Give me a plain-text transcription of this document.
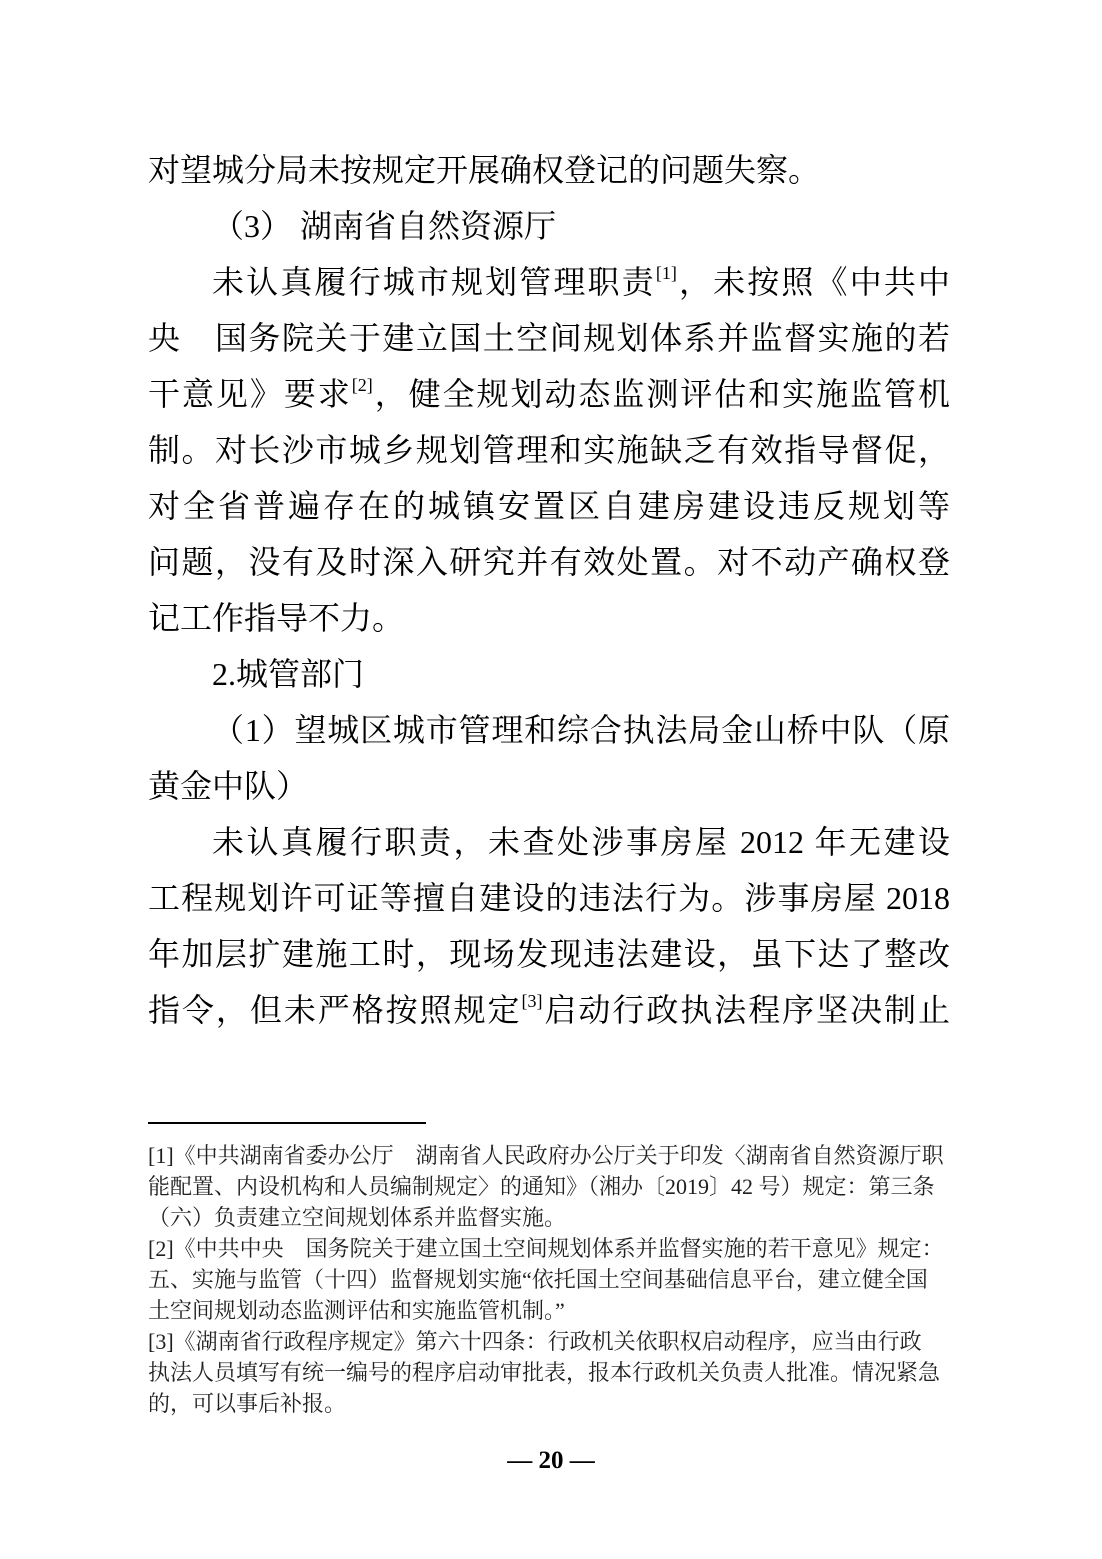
对望城分局未按规定开展确权登记的问题失察。
（3） 湖南省自然资源厅
未认真履行城市规划管理职责[1]，未按照《中共中
央　国务院关于建立国土空间规划体系并监督实施的若
干意见》要求[2]，健全规划动态监测评估和实施监管机
制。对长沙市城乡规划管理和实施缺乏有效指导督促，
对全省普遍存在的城镇安置区自建房建设违反规划等
问题，没有及时深入研究并有效处置。对不动产确权登
记工作指导不力。
2.城管部门
（1）望城区城市管理和综合执法局金山桥中队（原
黄金中队）
未认真履行职责，未查处涉事房屋 2012 年无建设
工程规划许可证等擅自建设的违法行为。涉事房屋 2018
年加层扩建施工时，现场发现违法建设，虽下达了整改
指令，但未严格按照规定[3]启动行政执法程序坚决制止
[1]《中共湖南省委办公厅　湖南省人民政府办公厅关于印发〈湖南省自然资源厅职
能配置、内设机构和人员编制规定〉的通知》（湘办〔2019〕42 号）规定：第三条
（六）负责建立空间规划体系并监督实施。
[2]《中共中央　国务院关于建立国土空间规划体系并监督实施的若干意见》规定：
五、实施与监管（十四）监督规划实施“依托国土空间基础信息平台，建立健全国
土空间规划动态监测评估和实施监管机制。”
[3]《湖南省行政程序规定》第六十四条：行政机关依职权启动程序，应当由行政
执法人员填写有统一编号的程序启动审批表，报本行政机关负责人批准。情况紧急
的，可以事后补报。
— 20 —
